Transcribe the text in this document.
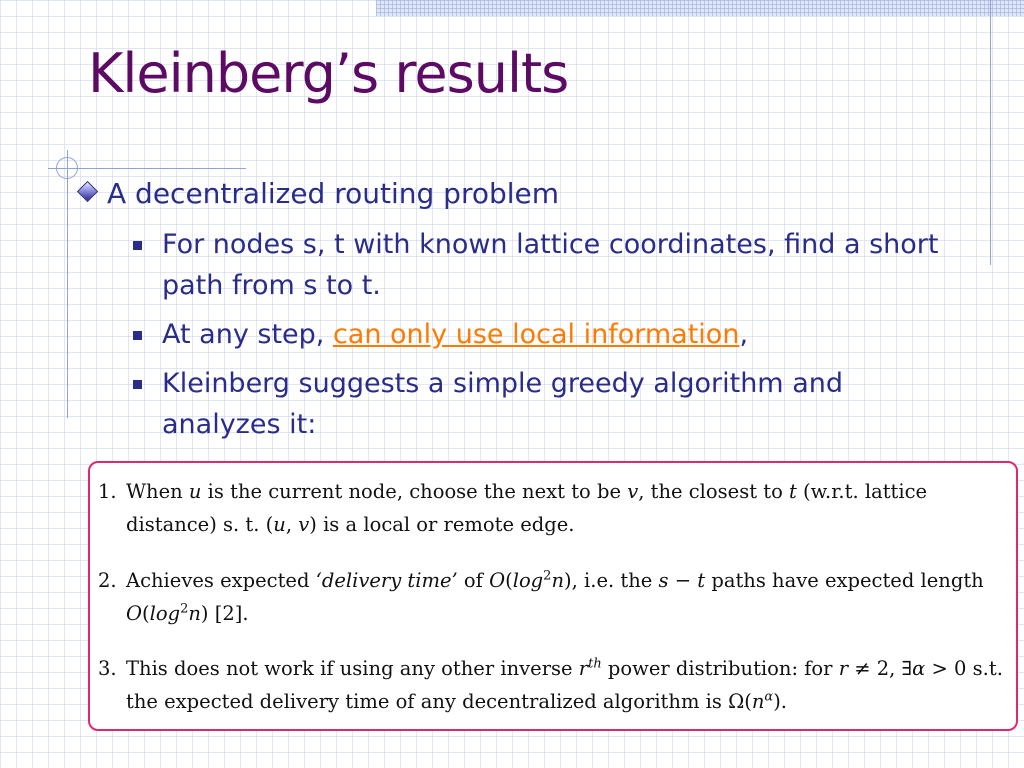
Kleinberg’s results
A decentralized routing problem
For nodes s, t with known lattice coordinates, find a short path from s to t.
At any step, can only use local information,
Kleinberg suggests a simple greedy algorithm and analyzes it:
1. When u is the current node, choose the next to be v, the closest to t (w.r.t. lattice distance) s. t. (u, v) is a local or remote edge.
2. Achieves expected ‘delivery time’ of $O(\log^2n)$, i.e. the s − t paths have expected length $O(\log^2n)$ [2].
3. This does not work if using any other inverse $r^{th}$ power distribution: for r ≠ 2, ∃α > 0 s.t. the expected delivery time of any decentralized algorithm is $\Omega(n^\alpha)$.
